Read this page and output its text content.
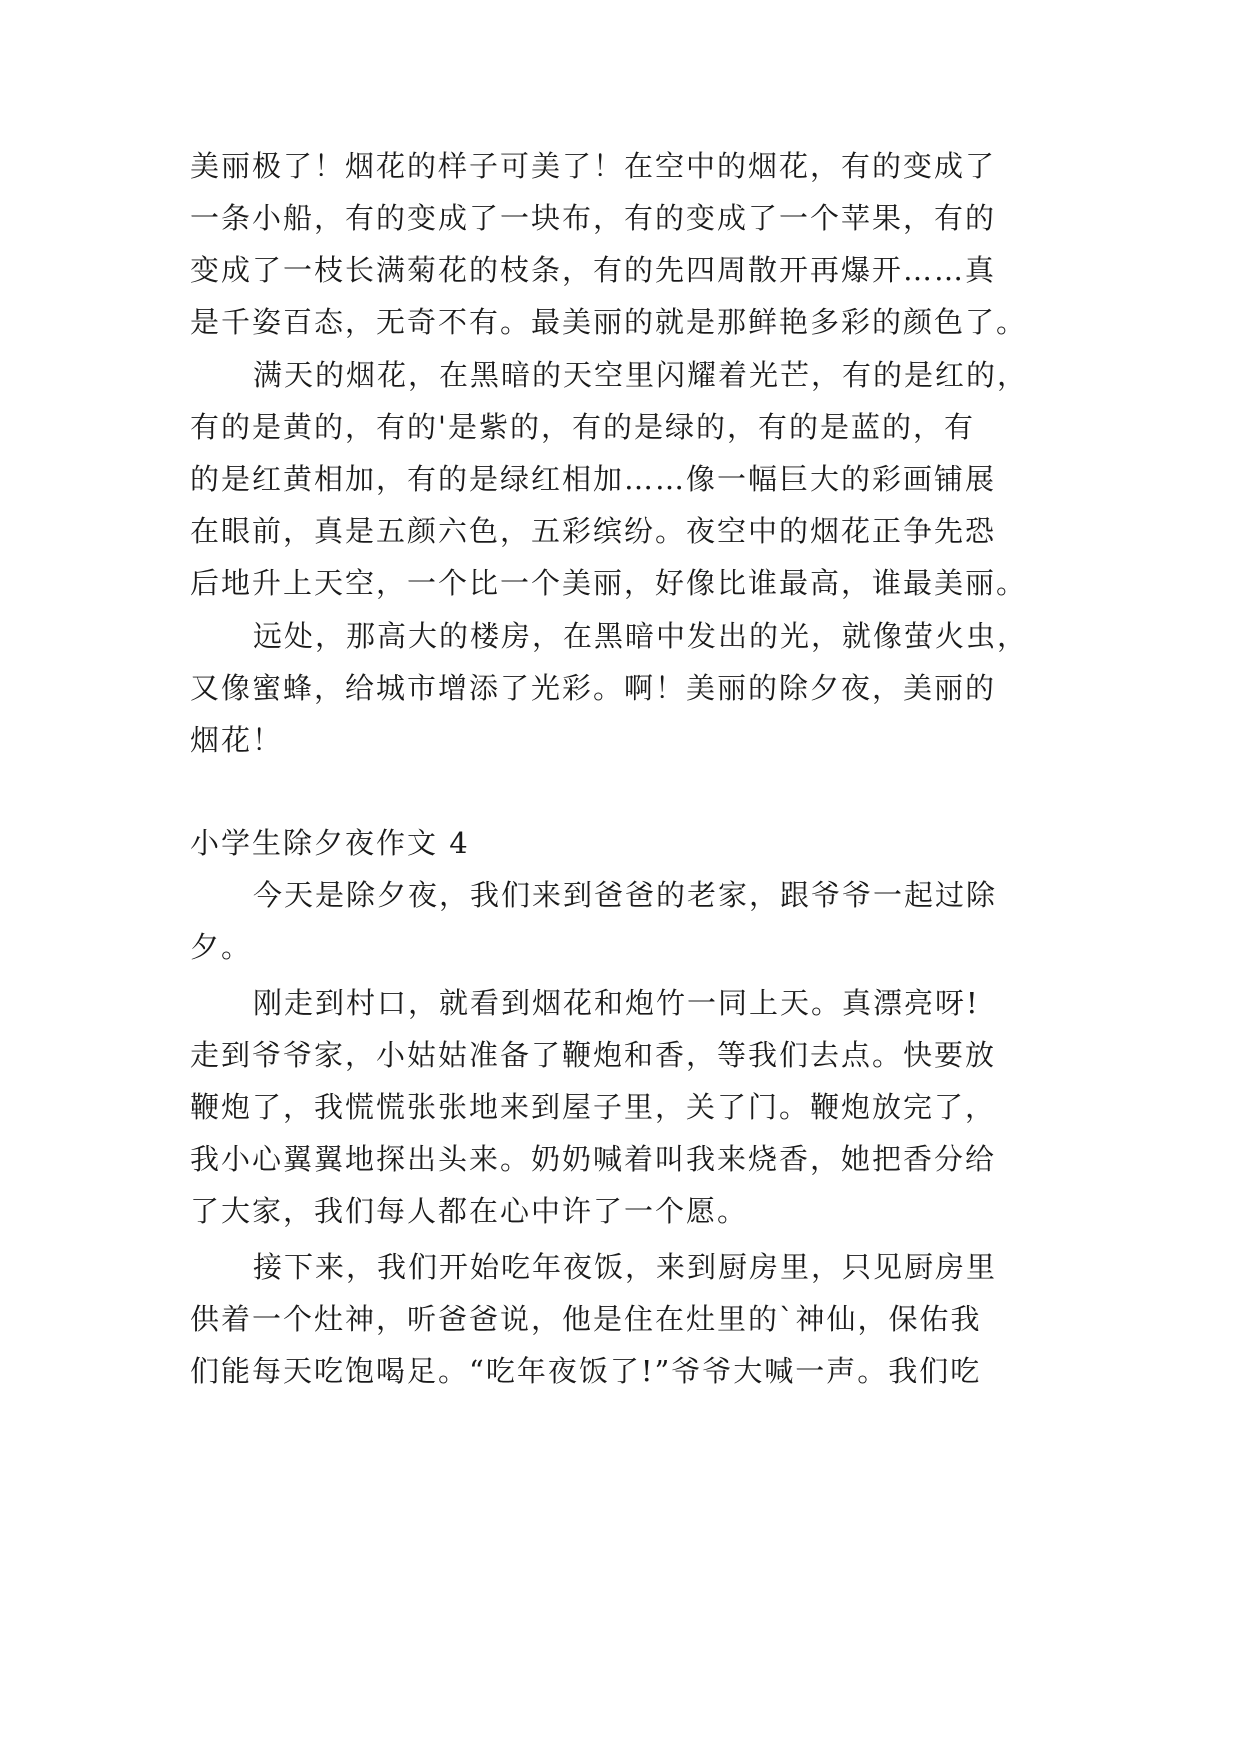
美丽极了！烟花的样子可美了！在空中的烟花，有的变成了
一条小船，有的变成了一块布，有的变成了一个苹果，有的
变成了一枝长满菊花的枝条，有的先四周散开再爆开……真
是千姿百态，无奇不有。最美丽的就是那鲜艳多彩的颜色了。
满天的烟花，在黑暗的天空里闪耀着光芒，有的是红的，
有的是黄的，有的'是紫的，有的是绿的，有的是蓝的，有
的是红黄相加，有的是绿红相加……像一幅巨大的彩画铺展
在眼前，真是五颜六色，五彩缤纷。夜空中的烟花正争先恐
后地升上天空，一个比一个美丽，好像比谁最高，谁最美丽。
远处，那高大的楼房，在黑暗中发出的光，就像萤火虫，
又像蜜蜂，给城市增添了光彩。啊！美丽的除夕夜，美丽的
烟花！
小学生除夕夜作文 4
今天是除夕夜，我们来到爸爸的老家，跟爷爷一起过除
夕。
刚走到村口，就看到烟花和炮竹一同上天。真漂亮呀!
走到爷爷家，小姑姑准备了鞭炮和香，等我们去点。快要放
鞭炮了，我慌慌张张地来到屋子里，关了门。鞭炮放完了，
我小心翼翼地探出头来。奶奶喊着叫我来烧香，她把香分给
了大家，我们每人都在心中许了一个愿。
接下来，我们开始吃年夜饭，来到厨房里，只见厨房里
供着一个灶神，听爸爸说，他是住在灶里的`神仙，保佑我
们能每天吃饱喝足。“吃年夜饭了!”爷爷大喊一声。我们吃
